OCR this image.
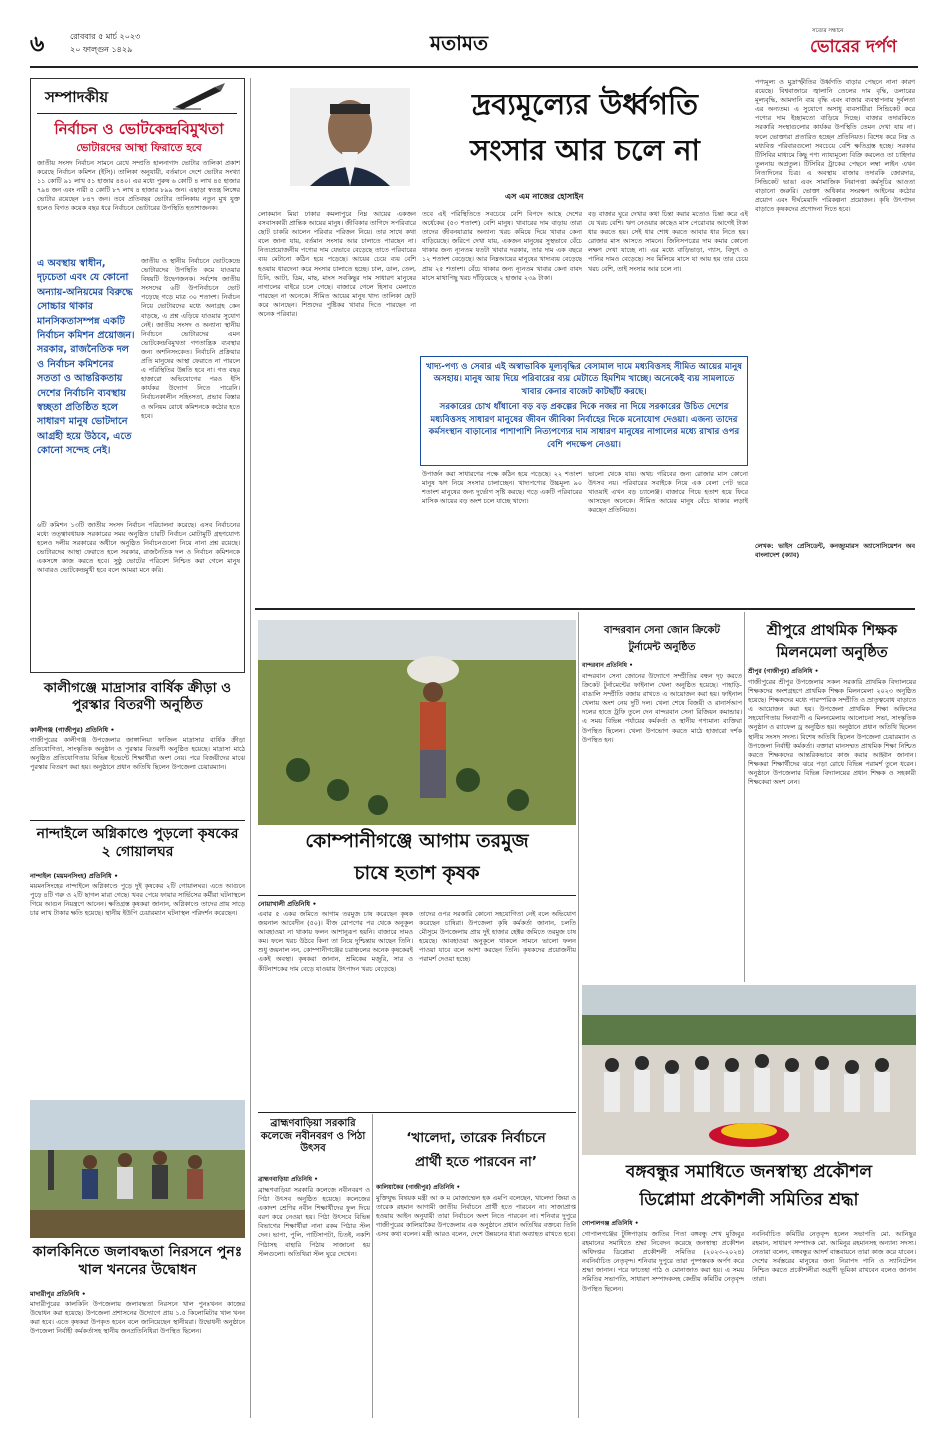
৬	রোববার ৫ মার্চ ২০২৩
২০ ফাল্গুন ১৪২৯	মতামত	সত্যের সন্ধানে
ভোরের দর্পণ
সম্পাদকীয়
নির্বাচন ও ভোটকেন্দ্রবিমুখতা
ভোটারদের আস্থা ফিরাতে হবে
জাতীয় সংসদ নির্বাচন সামনে রেখে সম্প্রতি হালনাগাদ ভোটার তালিকা প্রকাশ করেছে নির্বাচন কমিশন (ইসি)। তালিকা অনুযায়ী, বর্তমানে দেশে ভোটার সংখ্যা ১১ কোটি ৯১ লাখ ৫১ হাজার ৪৪০। এর মধ্যে পুরুষ ৬ কোটি ৪ লাখ ৪৫ হাজার ৭৯৪ জন এবং নারী ৫ কোটি ৮৭ লাখ ৪ হাজার ৮৯৯ জন। এছাড়া স্বতন্ত্র লিঙ্গের ভোটার রয়েছেন ৮৪৭ জন। তবে প্রতিবছর ভোটার তালিকায় নতুন মুখ যুক্ত হলেও বিগত কয়েক বছর ধরে নির্বাচনে ভোটারের উপস্থিতি হতাশাজনক।
এ অবস্থায় স্বাধীন, দৃঢ়চেতা এবং যে কোনো অন্যায়-অনিয়মের বিরুদ্ধে সোচ্চার থাকার মানসিকতাসম্পন্ন একটি নির্বাচন কমিশন প্রয়োজন। সরকার, রাজনৈতিক দল ও নির্বাচন কমিশনের সততা ও আন্তরিকতায় দেশের নির্বাচনি ব্যবস্থায় স্বচ্ছতা প্রতিষ্ঠিত হলে সাধারণ মানুষ ভোটদানে আগ্রহী হয়ে উঠবে, এতে কোনো সন্দেহ নেই।
জাতীয় ও স্থানীয় নির্বাচনে ভোটকেন্দ্রে ভোটারদের উপস্থিতি কমে যাওয়ার বিষয়টি উদ্বেগজনক। সর্বশেষ জাতীয় সংসদের ৬টি উপনির্বাচনে ভোট পড়েছে গড়ে মাত্র ৩০ শতাংশ। নির্বাচন নিয়ে ভোটারদের মধ্যে অনাগ্রহ কেন বাড়ছে, এ প্রশ্ন এড়িয়ে যাওয়ার সুযোগ নেই। জাতীয় সংসদ ও অন্যান্য স্থানীয় নির্বাচনে ভোটারদের এমন ভোটকেন্দ্রবিমুখতা গণতান্ত্রিক ব্যবস্থার জন্য অশনিসংকেত। নির্বাচনি প্রক্রিয়ার প্রতি মানুষের আস্থা ফেরাতে না পারলে এ পরিস্থিতির উন্নতি হবে না। গত বছর হাজারো অভিযোগের পরও ইসি কার্যকর উদ্যোগ নিতে পারেনি। নির্বাচনকালীন সহিংসতা, প্রভাব বিস্তার ও অনিয়ম রোধে কমিশনকে কঠোর হতে হবে।
৬টি কমিশন ১৩টি জাতীয় সংসদ নির্বাচন পরিচালনা করেছে। এসব নির্বাচনের মধ্যে তত্ত্বাবধায়ক সরকারের সময় অনুষ্ঠিত চারটি নির্বাচন মোটামুটি গ্রহণযোগ্য হলেও দলীয় সরকারের অধীনে অনুষ্ঠিত নির্বাচনগুলো নিয়ে নানা প্রশ্ন রয়েছে। ভোটারদের আস্থা ফেরাতে হলে সরকার, রাজনৈতিক দল ও নির্বাচন কমিশনকে একসঙ্গে কাজ করতে হবে। সুষ্ঠু ভোটের পরিবেশ নিশ্চিত করা গেলে মানুষ আবারও ভোটকেন্দ্রমুখী হবে বলে আমরা মনে করি।
দ্রব্যমূল্যের উর্ধ্বগতি
সংসার আর চলে না
এস এম নাজের হোসাইন
লোকমান মিয়া ঢাকার কমলাপুরে নিম্ন আয়ের একজন বসবাসকারী প্রান্তিক আয়ের মানুষ। জীবিকার তাগিদে সপরিবারে ছোট চাকরি আলেন পরিবার পরিজন নিয়ে। তার সাথে কথা বলে জানা যায়, বর্তমান সংসার আর চালাতে পারছেন না। নিত্যপ্রয়োজনীয় পণ্যের দাম যেভাবে বেড়েছে তাতে পরিবারের ব্যয় মেটানো কঠিন হয়ে পড়েছে। আয়ের চেয়ে ব্যয় বেশি হওয়ায় ধারদেনা করে সংসার চালাতে হচ্ছে। চাল, ডাল, তেল, চিনি, আটা, ডিম, মাছ, মাংস সবকিছুর দাম সাধারণ মানুষের নাগালের বাইরে চলে গেছে। বাজারে গেলে হিসাব মেলাতে পারছেন না অনেকে। সীমিত আয়ের মানুষ খাদ্য তালিকা ছোট করে আনছেন। শিশুদের পুষ্টিকর খাবার দিতে পারছেন না অনেক পরিবার।
তবে এই পরিস্থিতিতে সবচেয়ে বেশি বিপদে আছে দেশের অর্ধেকের (৫৩ শতাংশ) বেশি মানুষ। খাবারের দাম বাড়ায় তারা তাদের জীবনযাত্রার অন্যান্য খরচ কমিয়ে দিয়ে খাবার কেনা বাড়িয়েছে। জরিপে দেখা যায়, একজন মানুষের সুস্থভাবে বেঁচে থাকার জন্য ন্যূনতম যতটা খাবার দরকার, তার দাম এক বছরে ১২ শতাংশ বেড়েছে। আর নিম্নআয়ের মানুষের খাদ্যব্যয় বেড়েছে প্রায় ২৫ শতাংশ। বেঁচে থাকার জন্য ন্যূনতম খাবার কেনা বাবদ মাসে মাথাপিছু খরচ দাঁড়িয়েছে ২ হাজার ২৩৯ টাকা।
বড় বাজার ঘুরে দেখার কথা চিন্তা করার মতোও চিন্তা করে এই যে খরচ বেশি। ঋণ নেওয়ার কাছেও মাস পেরোবার আগেই টাকা ধার করতে হয়। সেই ধার শোধ করতে আবার ধার নিতে হয়। রোজার মাস আসতে সামনে। জিনিসপত্রের দাম কমার কোনো লক্ষণ দেখা যাচ্ছে না। এর মধ্যে বাড়িভাড়া, গ্যাস, বিদ্যুৎ ও পানির দামও বেড়েছে। সব মিলিয়ে মাসে যা আয় হয় তার চেয়ে খরচ বেশি, তাই সংসার আর চলে না।
খাদ্য-পণ্য ও সেবার এই অস্বাভাবিক মূল্যবৃদ্ধির বেসামাল দামে মধ্যবিত্তসহ সীমিত আয়ের মানুষ অসহায়। মানুষ আয় দিয়ে পরিবারের ব্যয় মেটাতে হিমশিম খাচ্ছে। অনেকেই ব্যয় সামলাতে খাবার কেনার বাজেট কাটছাঁট করছে।
সরকারের চোখ ধাঁধানো বড় বড় প্রকল্পের দিকে নজর না দিয়ে সরকারের উচিত দেশের মধ্যবিত্তসহ সাধারণ মানুষের জীবন জীবিকা নির্বাহের দিকে মনোযোগ দেওয়া। এজন্য তাদের কর্মসংস্থান বাড়ানোর পাশাপাশি নিত্যপণ্যের দাম সাধারণ মানুষের নাগালের মধ্যে রাখার ওপর বেশি পদক্ষেপ নেওয়া।
উপার্জন করা সাধারণের পক্ষে কঠিন হয়ে পড়েছে। ২২ শতাংশ মানুষ ঋণ নিয়ে সংসার চালাচ্ছেন। খাদ্যপণ্যের উচ্চমূল্য ৯০ শতাংশ মানুষের জন্য দুর্ভোগ সৃষ্টি করছে। গড়ে একটি পরিবারের মাসিক আয়ের বড় অংশ চলে যাচ্ছে খাদ্যে।
ভালো থেকে যায়। অথচ গরিবের জন্য রোজার মাস কোনো উৎসব নয়। পরিবারের সবাইকে নিয়ে এক বেলা পেট ভরে খাওয়াই এখন বড় চ্যালেঞ্জ। বাজারে গিয়ে হতাশ হয়ে ফিরে আসছেন অনেকে। সীমিত আয়ের মানুষ বেঁচে থাকার লড়াই করছেন প্রতিনিয়ত।
পণ্যমূল্য ও মুদ্রাস্ফীতির উর্ধ্বগতি বাড়ার পেছনে নানা কারণ রয়েছে। বিশ্ববাজারে জ্বালানি তেলের দাম বৃদ্ধি, ডলারের মূল্যবৃদ্ধি, আমদানি ব্যয় বৃদ্ধি এবং বাজার ব্যবস্থাপনায় দুর্বলতা এর অন্যতম। এ সুযোগে অসাধু ব্যবসায়ীরা সিন্ডিকেট করে পণ্যের দাম ইচ্ছামতো বাড়িয়ে দিচ্ছে। বাজার তদারকিতে সরকারি সংস্থাগুলোর কার্যকর উপস্থিতি তেমন দেখা যায় না। ফলে ভোক্তারা প্রতারিত হচ্ছেন প্রতিনিয়ত। বিশেষ করে নিম্ন ও মধ্যবিত্ত পরিবারগুলো সবচেয়ে বেশি ক্ষতিগ্রস্ত হচ্ছে। সরকার টিসিবির মাধ্যমে কিছু পণ্য ন্যায্যমূল্যে বিক্রি করলেও তা চাহিদার তুলনায় অপ্রতুল। টিসিবির ট্রাকের পেছনে লম্বা লাইন এখন নিত্যদিনের চিত্র। এ অবস্থায় বাজার তদারকি জোরদার, সিন্ডিকেট ভাঙা এবং সামাজিক নিরাপত্তা কর্মসূচির আওতা বাড়ানো জরুরি। ভোক্তা অধিকার সংরক্ষণ আইনের কঠোর প্রয়োগ এবং দীর্ঘমেয়াদি পরিকল্পনা প্রয়োজন। কৃষি উৎপাদন বাড়াতে কৃষকদের প্রণোদনা দিতে হবে।
লেখক: ভাইস প্রেসিডেন্ট, কনজ্যুমারস অ্যাসোসিয়েশন অব বাংলাদেশ (ক্যাব)
কালীগঞ্জে মাদ্রাসার বার্ষিক ক্রীড়া ও পুরস্কার বিতরণী অনুষ্ঠিত
কালীগঞ্জ (গাজীপুর) প্রতিনিধি •
গাজীপুরের কালীগঞ্জ উপজেলার জাঙ্গালিয়া ফাজিল মাদ্রাসার বার্ষিক ক্রীড়া প্রতিযোগিতা, সাংস্কৃতিক অনুষ্ঠান ও পুরস্কার বিতরণী অনুষ্ঠিত হয়েছে। মাদ্রাসা মাঠে অনুষ্ঠিত প্রতিযোগিতায় বিভিন্ন ইভেন্টে শিক্ষার্থীরা অংশ নেয়। পরে বিজয়ীদের মাঝে পুরস্কার বিতরণ করা হয়। অনুষ্ঠানে প্রধান অতিথি ছিলেন উপজেলা চেয়ারম্যান।
নান্দাইলে অগ্নিকাণ্ডে পুড়লো কৃষকের ২ গোয়ালঘর
নান্দাইল (ময়মনসিংহ) প্রতিনিধি •
ময়মনসিংহের নান্দাইলে অগ্নিকাণ্ডে পুড়ে দুই কৃষকের ২টি গোয়ালঘর। এতে আগুনে পুড়ে ৪টি গরু ও ২টি ছাগল মারা গেছে। খবর পেয়ে ফায়ার সার্ভিসের কর্মীরা ঘটনাস্থলে গিয়ে আগুন নিয়ন্ত্রণে আনেন। ক্ষতিগ্রস্ত কৃষকরা জানান, অগ্নিকাণ্ডে তাদের প্রায় সাড়ে চার লাখ টাকার ক্ষতি হয়েছে। স্থানীয় ইউপি চেয়ারম্যান ঘটনাস্থল পরিদর্শন করেছেন।
কালকিনিতে জলাবদ্ধতা নিরসনে পুনঃ খাল খননের উদ্বোধন
মাদারীপুর প্রতিনিধি •
মাদারীপুরের কালকিনি উপজেলায় জলাবদ্ধতা নিরসনে খাল পুনঃখনন কাজের উদ্বোধন করা হয়েছে। উপজেলা প্রশাসনের উদ্যোগে প্রায় ১.৫ কিলোমিটার খাল খনন করা হবে। এতে কৃষকরা উপকৃত হবেন বলে জানিয়েছেন স্থানীয়রা। উদ্বোধনী অনুষ্ঠানে উপজেলা নির্বাহী কর্মকর্তাসহ স্থানীয় জনপ্রতিনিধিরা উপস্থিত ছিলেন।
কোম্পানীগঞ্জে আগাম তরমুজ
চাষে হতাশ কৃষক
নোয়াখালী প্রতিনিধি •
এবার ৫ একর জমিতে আগাম তরমুজ চাষ করেছেন কৃষক জয়নাল আবেদীন (৫০)। বীজ রোপণের পর থেকে অনুকূল আবহাওয়া না থাকায় ফলন আশানুরূপ হয়নি। বাজারে দামও কম। ফলে খরচ উঠবে কিনা তা নিয়ে দুশ্চিন্তায় আছেন তিনি। শুধু জয়নাল নন, কোম্পানীগঞ্জের চরাঞ্চলের অনেক কৃষকেরই একই অবস্থা। কৃষকরা জানান, শ্রমিকের মজুরি, সার ও কীটনাশকের দাম বেড়ে যাওয়ায় উৎপাদন খরচ বেড়েছে।
তাদের ওপর সরকারি কোনো সহযোগিতা নেই বলে অভিযোগ করেছেন চাষিরা। উপজেলা কৃষি কর্মকর্তা জানান, চলতি মৌসুমে উপজেলায় প্রায় দুই হাজার হেক্টর জমিতে তরমুজ চাষ হয়েছে। আবহাওয়া অনুকূলে থাকলে সামনে ভালো ফলন পাওয়া যাবে বলে আশা করছেন তিনি। কৃষকদের প্রয়োজনীয় পরামর্শ দেওয়া হচ্ছে।
ব্রাহ্মণবাড়িয়া সরকারি কলেজে নবীনবরণ ও পিঠা উৎসব
ব্রাহ্মণবাড়িয়া প্রতিনিধি •
ব্রাহ্মণবাড়িয়া সরকারি কলেজে নবীনবরণ ও পিঠা উৎসব অনুষ্ঠিত হয়েছে। কলেজের একাদশ শ্রেণির নবীন শিক্ষার্থীদের ফুল দিয়ে বরণ করে নেওয়া হয়। পিঠা উৎসবে বিভিন্ন বিভাগের শিক্ষার্থীরা নানা রকম পিঠার স্টল দেন। ভাপা, পুলি, পাটিসাপটা, চিতই, নকশি পিঠাসহ বাহারি পিঠায় সাজানো হয় স্টলগুলো। অতিথিরা স্টল ঘুরে দেখেন।
‘খালেদা, তারেক নির্বাচনে
প্রার্থী হতে পারবেন না’
কালিয়াকৈর (গাজীপুর) প্রতিনিধি •
মুক্তিযুদ্ধ বিষয়ক মন্ত্রী আ ক ম মোজাম্মেল হক এমপি বলেছেন, খালেদা জিয়া ও তারেক রহমান আগামী জাতীয় নির্বাচনে প্রার্থী হতে পারবেন না। সাজাপ্রাপ্ত হওয়ায় আইন অনুযায়ী তারা নির্বাচনে অংশ নিতে পারবেন না। শনিবার দুপুরে গাজীপুরের কালিয়াকৈর উপজেলায় এক অনুষ্ঠানে প্রধান অতিথির বক্তব্যে তিনি এসব কথা বলেন। মন্ত্রী আরও বলেন, দেশে উন্নয়নের ধারা অব্যাহত রাখতে হবে।
বান্দরবান সেনা জোন ক্রিকেট
টুর্নামেন্ট অনুষ্ঠিত
বান্দরবান প্রতিনিধি •
বান্দরবান সেনা জোনের উদ্যোগে সম্প্রীতির বন্ধন দৃঢ় করতে ক্রিকেট টুর্নামেন্টের ফাইনাল খেলা অনুষ্ঠিত হয়েছে। পাহাড়ি-বাঙালি সম্প্রীতি বজায় রাখতে এ আয়োজন করা হয়। ফাইনাল খেলায় অংশ নেয় দুটি দল। খেলা শেষে বিজয়ী ও রানার্সআপ দলের হাতে ট্রফি তুলে দেন বান্দরবান সেনা রিজিয়ন কমান্ডার। এ সময় বিভিন্ন পর্যায়ের কর্মকর্তা ও স্থানীয় গণ্যমান্য ব্যক্তিরা উপস্থিত ছিলেন। খেলা উপভোগ করতে মাঠে হাজারো দর্শক উপস্থিত হন।
শ্রীপুরে প্রাথমিক শিক্ষক
মিলনমেলা অনুষ্ঠিত
শ্রীপুর (গাজীপুর) প্রতিনিধি •
গাজীপুরের শ্রীপুর উপজেলার সকল সরকারি প্রাথমিক বিদ্যালয়ের শিক্ষকদের অংশগ্রহণে প্রাথমিক শিক্ষক মিলনমেলা ২০২৩ অনুষ্ঠিত হয়েছে। শিক্ষকদের মধ্যে পারস্পরিক সম্প্রীতি ও ভ্রাতৃত্ববোধ বাড়াতে এ আয়োজন করা হয়। উপজেলা প্রাথমিক শিক্ষা অফিসের সহযোগিতায় দিনব্যাপী এ মিলনমেলায় আলোচনা সভা, সাংস্কৃতিক অনুষ্ঠান ও র‌্যাফেল ড্র অনুষ্ঠিত হয়। অনুষ্ঠানে প্রধান অতিথি ছিলেন স্থানীয় সংসদ সদস্য। বিশেষ অতিথি ছিলেন উপজেলা চেয়ারম্যান ও উপজেলা নির্বাহী কর্মকর্তা। বক্তারা মানসম্মত প্রাথমিক শিক্ষা নিশ্চিত করতে শিক্ষকদের আন্তরিকভাবে কাজ করার আহ্বান জানান। শিক্ষকরা শিক্ষার্থীদের ঝরে পড়া রোধে বিভিন্ন পরামর্শ তুলে ধরেন। অনুষ্ঠানে উপজেলার বিভিন্ন বিদ্যালয়ের প্রধান শিক্ষক ও সহকারী শিক্ষকেরা অংশ নেন।
বঙ্গবন্ধুর সমাধিতে জনস্বাস্থ্য প্রকৌশল
ডিপ্লোমা প্রকৌশলী সমিতির শ্রদ্ধা
গোপালগঞ্জ প্রতিনিধি •
গোপালগঞ্জের টুঙ্গিপাড়ায় জাতির পিতা বঙ্গবন্ধু শেখ মুজিবুর রহমানের সমাধিতে শ্রদ্ধা নিবেদন করেছে জনস্বাস্থ্য প্রকৌশল অধিদপ্তর ডিপ্লোমা প্রকৌশলী সমিতির (২০২৩-২০২৪) নবনির্বাচিত নেতৃবৃন্দ। শনিবার দুপুরে তারা পুষ্পস্তবক অর্পণ করে শ্রদ্ধা জানান। পরে ফাতেহা পাঠ ও মোনাজাত করা হয়। এ সময় সমিতির সভাপতি, সাধারণ সম্পাদকসহ কেন্দ্রীয় কমিটির নেতৃবৃন্দ উপস্থিত ছিলেন।
নবনির্বাচিত কমিটির নেতৃবৃন্দ হলেন সভাপতি মো. আনিছুর রহমান, সাধারণ সম্পাদক মো. আমিনুর রহমানসহ অন্যান্য সদস্য। নেতারা বলেন, বঙ্গবন্ধুর আদর্শ বাস্তবায়নে তারা কাজ করে যাবেন। দেশের সর্বস্তরের মানুষের জন্য নিরাপদ পানি ও স্যানিটেশন নিশ্চিত করতে প্রকৌশলীরা অগ্রণী ভূমিকা রাখবেন বলেও জানান তারা।
